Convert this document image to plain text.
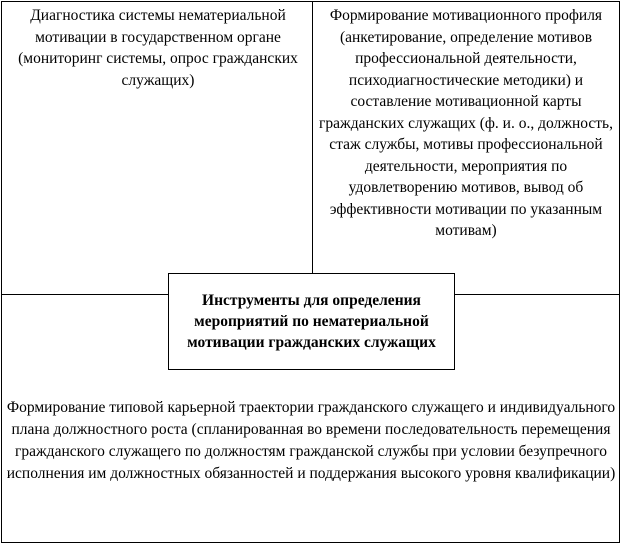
Диагностика системы нематериальной мотивации в государственном органе (мониторинг системы, опрос гражданских служащих)

Формирование мотивационного профиля (анкетирование, определение мотивов профессиональной деятельности, психодиагностические методики) и составление мотивационной карты гражданских служащих (ф. и. о., должность, стаж службы, мотивы профессиональной деятельности, мероприятия по удовлетворению мотивов, вывод об эффективности мотивации по указанным мотивам)

Формирование типовой карьерной траектории гражданского служащего и индивидуального плана должностного роста (спланированная во времени последовательность перемещения гражданского служащего по должностям гражданской службы при условии безупречного исполнения им должностных обязанностей и поддержания высокого уровня квалификации)

Инструменты для определения мероприятий по нематериальной мотивации гражданских служащих
